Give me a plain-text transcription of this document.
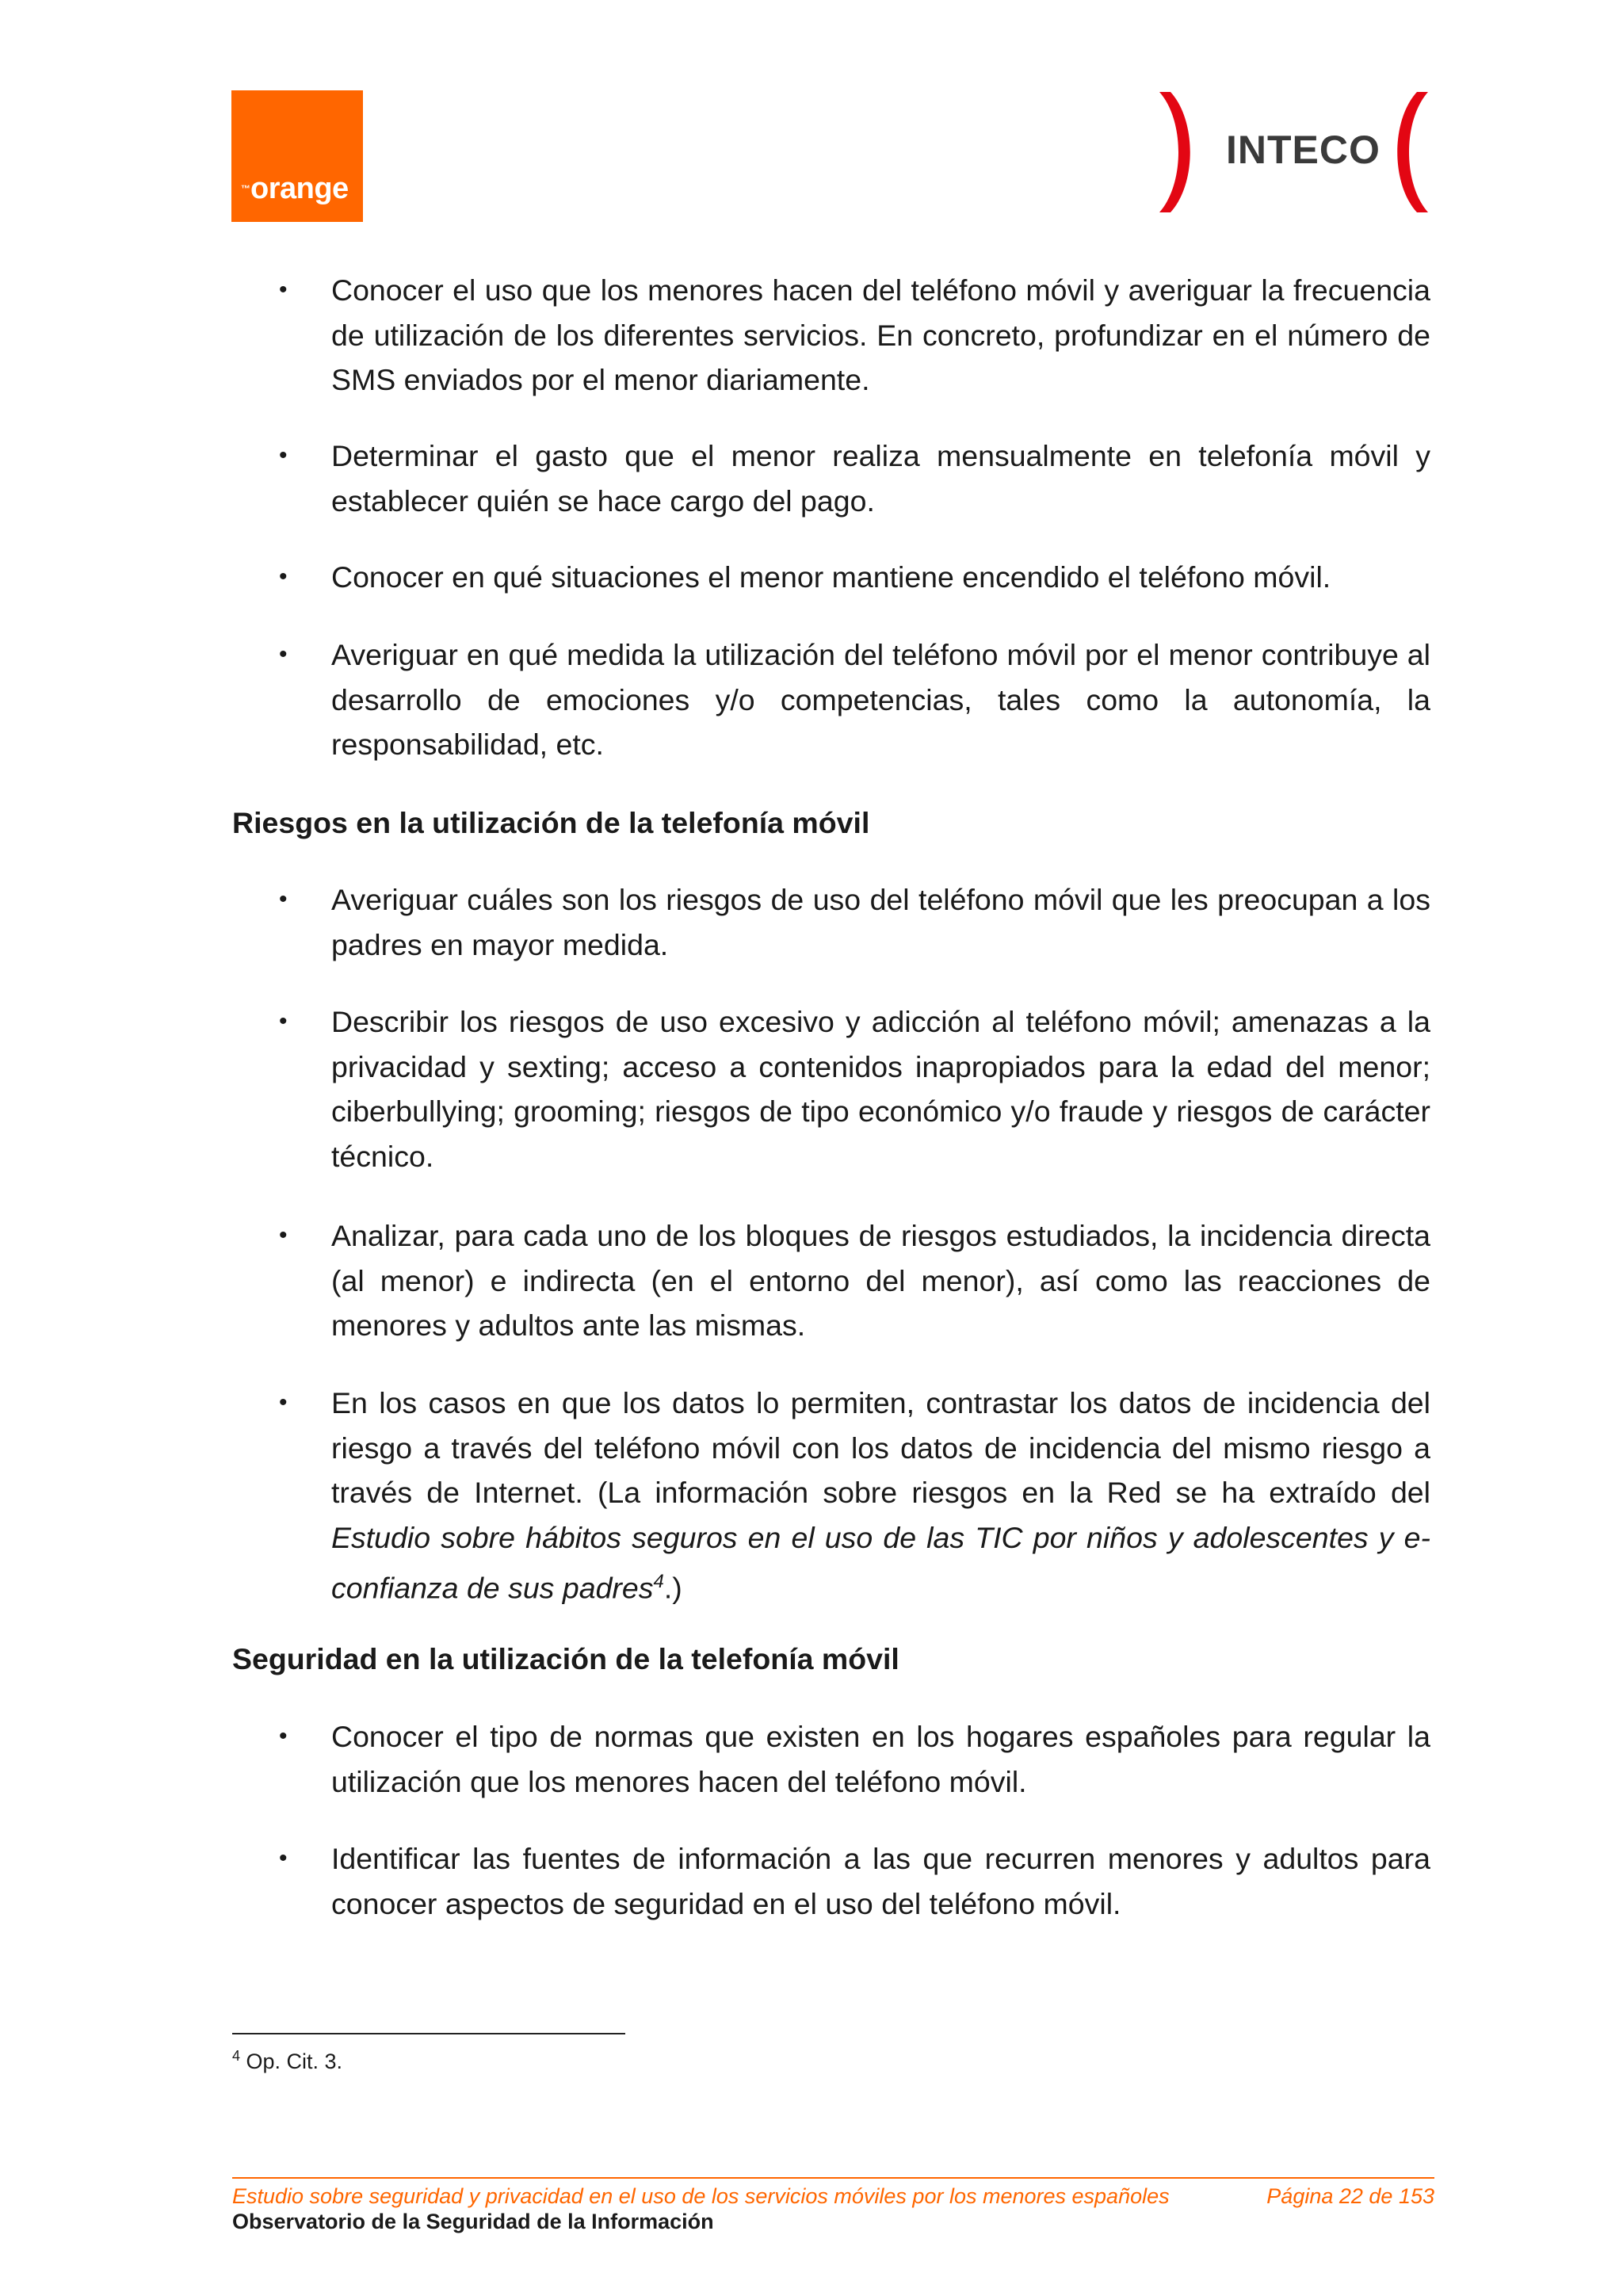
orange
™
INTECO
• Conocer el uso que los menores hacen del teléfono móvil y averiguar la frecuencia de utilización de los diferentes servicios. En concreto, profundizar en el número de SMS enviados por el menor diariamente.
• Determinar el gasto que el menor realiza mensualmente en telefonía móvil y establecer quién se hace cargo del pago.
• Conocer en qué situaciones el menor mantiene encendido el teléfono móvil.
• Averiguar en qué medida la utilización del teléfono móvil por el menor contribuye al desarrollo de emociones y/o competencias, tales como la autonomía, la responsabilidad, etc.
Riesgos en la utilización de la telefonía móvil
• Averiguar cuáles son los riesgos de uso del teléfono móvil que les preocupan a los padres en mayor medida.
• Describir los riesgos de uso excesivo y adicción al teléfono móvil; amenazas a la privacidad y sexting; acceso a contenidos inapropiados para la edad del menor; ciberbullying; grooming; riesgos de tipo económico y/o fraude y riesgos de carácter técnico.
• Analizar, para cada uno de los bloques de riesgos estudiados, la incidencia directa (al menor) e indirecta (en el entorno del menor), así como las reacciones de menores y adultos ante las mismas.
• En los casos en que los datos lo permiten, contrastar los datos de incidencia del riesgo a través del teléfono móvil con los datos de incidencia del mismo riesgo a través de Internet. (La información sobre riesgos en la Red se ha extraído del Estudio sobre hábitos seguros en el uso de las TIC por niños y adolescentes y e-confianza de sus padres$^4$.)
Seguridad en la utilización de la telefonía móvil
• Conocer el tipo de normas que existen en los hogares españoles para regular la utilización que los menores hacen del teléfono móvil.
• Identificar las fuentes de información a las que recurren menores y adultos para conocer aspectos de seguridad en el uso del teléfono móvil.
$^4$ Op. Cit. 3.
Estudio sobre seguridad y privacidad en el uso de los servicios móviles por los menores españoles	Página 22 de 153
Observatorio de la Seguridad de la Información
